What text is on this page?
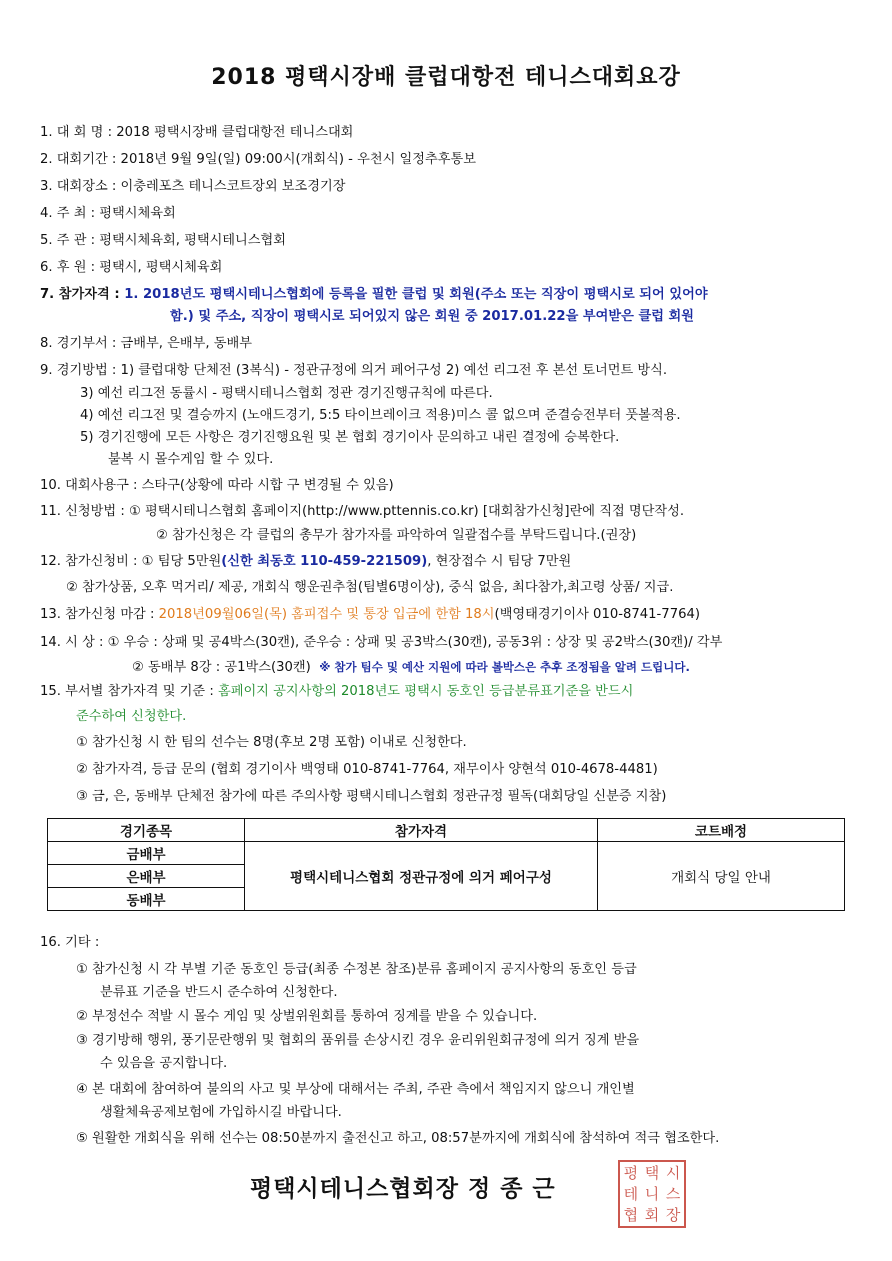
2018 평택시장배 클럽대항전 테니스대회요강
1. 대 회 명 : 2018 평택시장배 클럽대항전 테니스대회
2. 대회기간 : 2018년 9월 9일(일) 09:00시(개회식) - 우천시 일정추후통보
3. 대회장소 : 이충레포츠 테니스코트장외 보조경기장
4. 주 최 : 평택시체육회
5. 주 관 : 평택시체육회, 평택시테니스협회
6. 후 원 : 평택시, 평택시체육회
7. 참가자격 : 1. 2018년도 평택시테니스협회에 등록을 필한 클럽 및 회원(주소 또는 직장이 평택시로 되어 있어야
함.) 및 주소, 직장이 평택시로 되어있지 않은 회원 중 2017.01.22을 부여받은 클럽 회원
8. 경기부서 : 금배부, 은배부, 동배부
9. 경기방법 : 1) 클럽대항 단체전 (3복식) - 정관규정에 의거 페어구성 2) 예선 리그전 후 본선 토너먼트 방식.
3) 예선 리그전 동률시 - 평택시테니스협회 정관 경기진행규칙에 따른다.
4) 예선 리그전 및 결승까지 (노애드경기, 5:5 타이브레이크 적용)미스 콜 없으며 준결승전부터 풋볼적용.
5) 경기진행에 모든 사항은 경기진행요원 및 본 협회 경기이사 문의하고 내린 결정에 승복한다.
불복 시 몰수게임 할 수 있다.
10. 대회사용구 : 스타구(상황에 따라 시합 구 변경될 수 있음)
11. 신청방법 : ① 평택시테니스협회 홈페이지(http://www.pttennis.co.kr) [대회참가신청]란에 직접 명단작성.
② 참가신청은 각 클럽의 총무가 참가자를 파악하여 일괄접수를 부탁드립니다.(권장)
12. 참가신청비 : ① 팀당 5만원(신한 최동호 110-459-221509), 현장접수 시 팀당 7만원
② 참가상품, 오후 먹거리/ 제공, 개회식 행운권추첨(팀별6명이상), 중식 없음, 최다참가,최고령 상품/ 지급.
13. 참가신청 마감 : 2018년09월06일(목) 홈피접수 및 통장 입금에 한함 18시(백영태경기이사 010-8741-7764)
14. 시 상 : ① 우승 : 상패 및 공4박스(30캔), 준우승 : 상패 및 공3박스(30캔), 공동3위 : 상장 및 공2박스(30캔)/ 각부
② 동배부 8강 : 공1박스(30캔) ※ 참가 팀수 및 예산 지원에 따라 볼박스은 추후 조정됨을 알려 드립니다.
15. 부서별 참가자격 및 기준 : 홈페이지 공지사항의 2018년도 평택시 동호인 등급분류표기준을 반드시
준수하여 신청한다.
① 참가신청 시 한 팀의 선수는 8명(후보 2명 포함) 이내로 신청한다.
② 참가자격, 등급 문의 (협회 경기이사 백영태 010-8741-7764, 재무이사 양현석 010-4678-4481)
③ 금, 은, 동배부 단체전 참가에 따른 주의사항 평택시테니스협회 정관규정 필독(대회당일 신분증 지참)
경기종목	참가자격	코트배정
금배부	평택시테니스협회 정관규정에 의거 페어구성	개회식 당일 안내
은배부		
동배부		
16. 기타 :
① 참가신청 시 각 부별 기준 동호인 등급(최종 수정본 참조)분류 홈페이지 공지사항의 동호인 등급
분류표 기준을 반드시 준수하여 신청한다.
② 부정선수 적발 시 몰수 게임 및 상벌위원회를 통하여 징계를 받을 수 있습니다.
③ 경기방해 행위, 풍기문란행위 및 협회의 품위를 손상시킨 경우 윤리위원회규정에 의거 징계 받을
수 있음을 공지합니다.
④ 본 대회에 참여하여 불의의 사고 및 부상에 대해서는 주최, 주관 측에서 책임지지 않으니 개인별
생활체육공제보험에 가입하시길 바랍니다.
⑤ 원활한 개회식을 위해 선수는 08:50분까지 출전신고 하고, 08:57분까지에 개회식에 참석하여 적극 협조한다.
평택시테니스협회장 정 종 근
평 택 시
테 니 스
협 회 장
